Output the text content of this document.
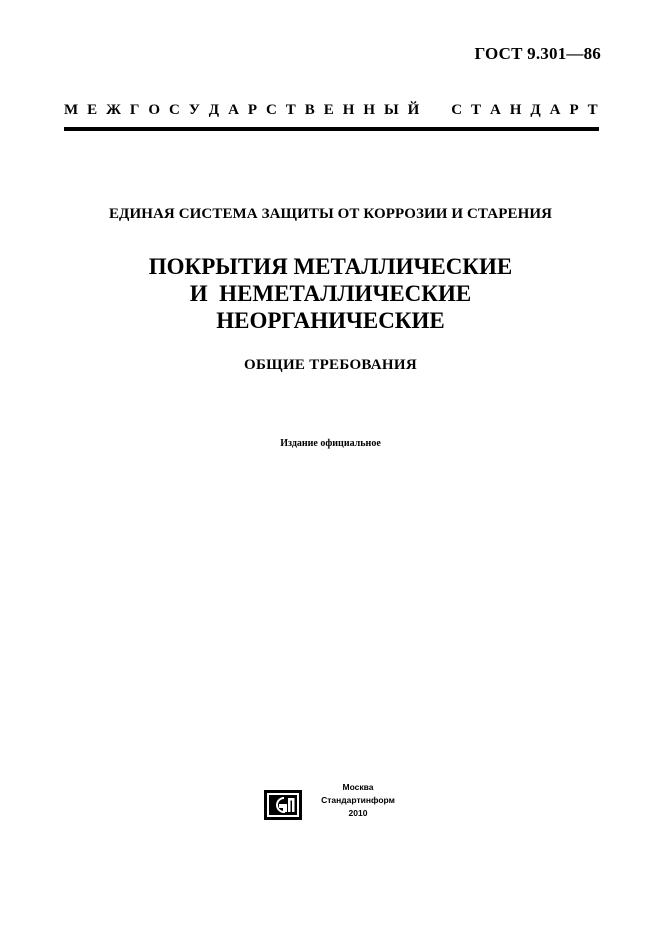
ГОСТ 9.301—86
М Е Ж Г О С У Д А Р С Т В Е Н Н Ы Й С Т А Н Д А Р Т
ЕДИНАЯ СИСТЕМА ЗАЩИТЫ ОТ КОРРОЗИИ И СТАРЕНИЯ
ПОКРЫТИЯ МЕТАЛЛИЧЕСКИЕ
И  НЕМЕТАЛЛИЧЕСКИЕ
НЕОРГАНИЧЕСКИЕ
ОБЩИЕ ТРЕБОВАНИЯ
Издание официальное
Москва
Стандартинформ
2010
